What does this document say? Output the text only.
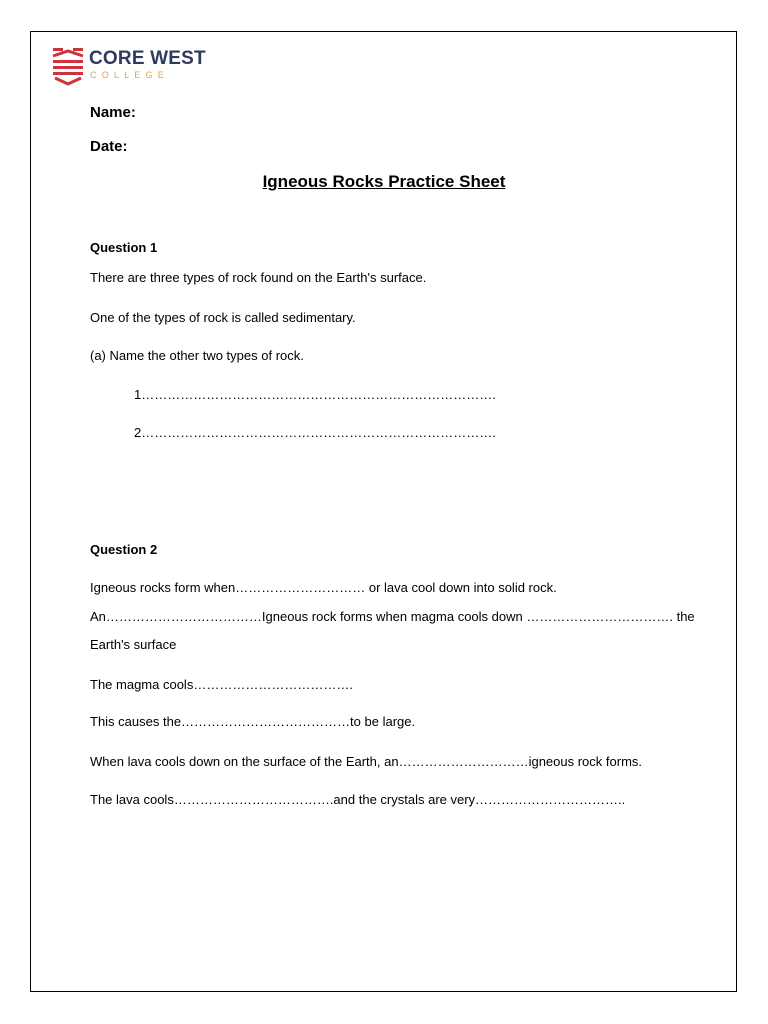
CORE WEST
COLLEGE
Name:
Date:
Igneous Rocks Practice Sheet
Question 1
There are three types of rock found on the Earth's surface.
One of the types of rock is called sedimentary.
(a) Name the other two types of rock.
1……………………………………………………………………….
2……………………………………………………………………….
Question 2
Igneous rocks form when………………………… or lava cool down into solid rock.
An………………………………Igneous rock forms when magma cools down ……………………………. the
Earth's surface
The magma cools……………………………….
This causes the…………………………………to be large.
When lava cools down on the surface of the Earth, an…………………………igneous rock forms.
The lava cools……………………………….and the crystals are very……………………………..
